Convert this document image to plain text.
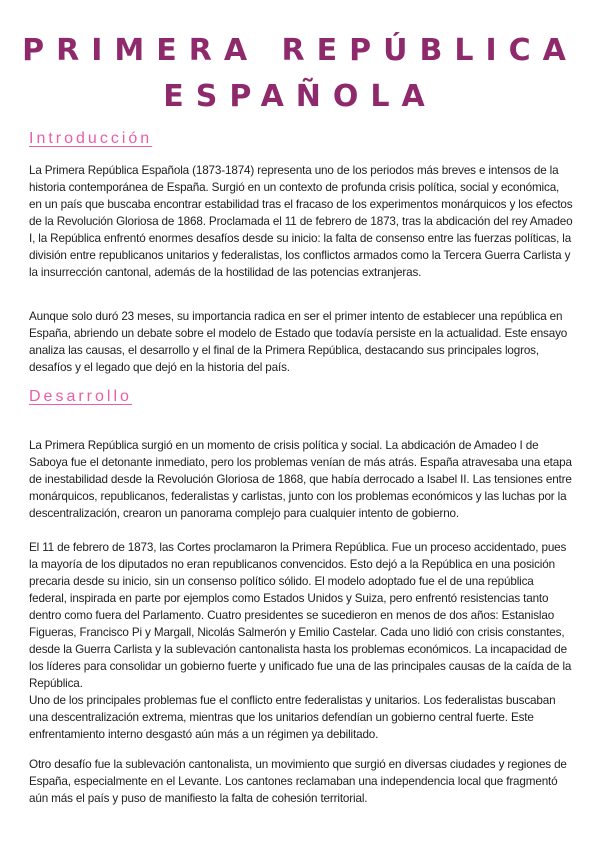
PRIMERA REPÚBLICA
ESPAÑOLA
Introducción

La Primera República Española (1873-1874) representa uno de los periodos más breves e intensos de la historia contemporánea de España. Surgió en un contexto de profunda crisis política, social y económica, en un país que buscaba encontrar estabilidad tras el fracaso de los experimentos monárquicos y los efectos de la Revolución Gloriosa de 1868. Proclamada el 11 de febrero de 1873, tras la abdicación del rey Amadeo I, la República enfrentó enormes desafíos desde su inicio: la falta de consenso entre las fuerzas políticas, la división entre republicanos unitarios y federalistas, los conflictos armados como la Tercera Guerra Carlista y la insurrección cantonal, además de la hostilidad de las potencias extranjeras.

Aunque solo duró 23 meses, su importancia radica en ser el primer intento de establecer una república en España, abriendo un debate sobre el modelo de Estado que todavía persiste en la actualidad. Este ensayo analiza las causas, el desarrollo y el final de la Primera República, destacando sus principales logros, desafíos y el legado que dejó en la historia del país.

Desarrollo

La Primera República surgió en un momento de crisis política y social. La abdicación de Amadeo I de Saboya fue el detonante inmediato, pero los problemas venían de más atrás. España atravesaba una etapa de inestabilidad desde la Revolución Gloriosa de 1868, que había derrocado a Isabel II. Las tensiones entre monárquicos, republicanos, federalistas y carlistas, junto con los problemas económicos y las luchas por la descentralización, crearon un panorama complejo para cualquier intento de gobierno.

El 11 de febrero de 1873, las Cortes proclamaron la Primera República. Fue un proceso accidentado, pues la mayoría de los diputados no eran republicanos convencidos. Esto dejó a la República en una posición precaria desde su inicio, sin un consenso político sólido. El modelo adoptado fue el de una república federal, inspirada en parte por ejemplos como Estados Unidos y Suiza, pero enfrentó resistencias tanto dentro como fuera del Parlamento. Cuatro presidentes se sucedieron en menos de dos años: Estanislao Figueras, Francisco Pi y Margall, Nicolás Salmerón y Emilio Castelar. Cada uno lidió con crisis constantes, desde la Guerra Carlista y la sublevación cantonalista hasta los problemas económicos. La incapacidad de los líderes para consolidar un gobierno fuerte y unificado fue una de las principales causas de la caída de la República.

Uno de los principales problemas fue el conflicto entre federalistas y unitarios. Los federalistas buscaban una descentralización extrema, mientras que los unitarios defendían un gobierno central fuerte. Este enfrentamiento interno desgastó aún más a un régimen ya debilitado.

Otro desafío fue la sublevación cantonalista, un movimiento que surgió en diversas ciudades y regiones de España, especialmente en el Levante. Los cantones reclamaban una independencia local que fragmentó aún más el país y puso de manifiesto la falta de cohesión territorial.
